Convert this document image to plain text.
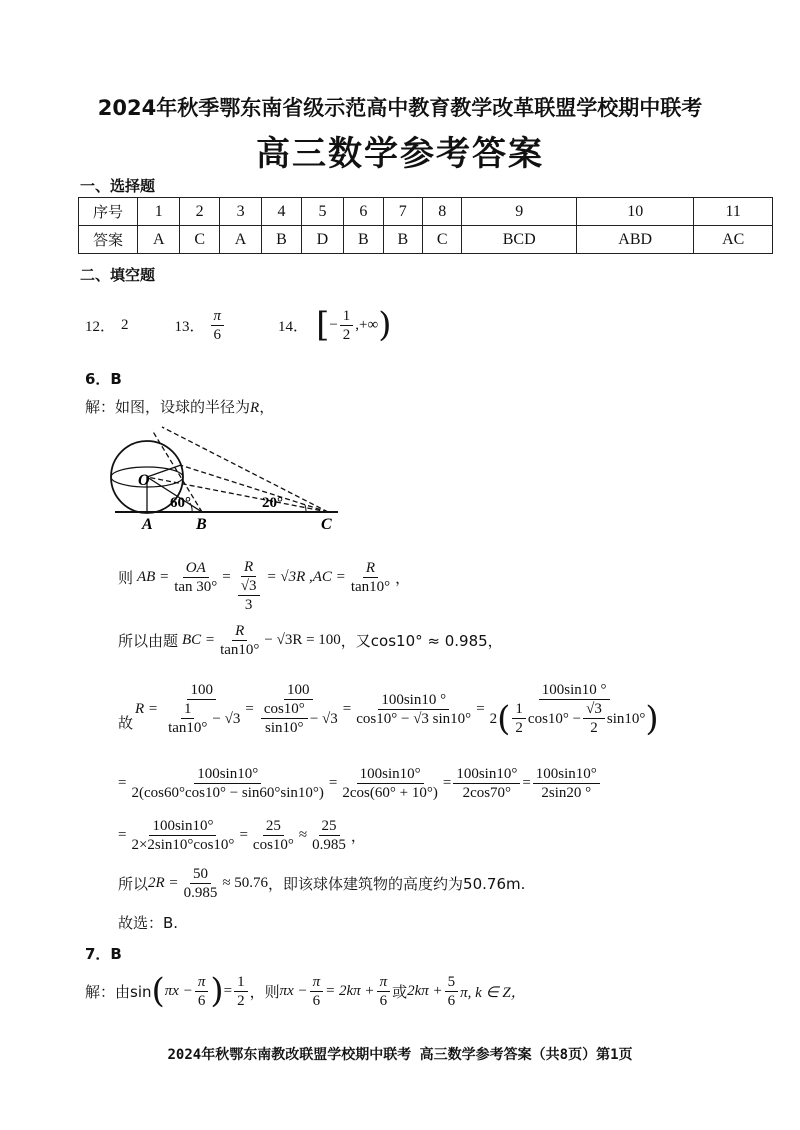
2024年秋季鄂东南省级示范高中教育教学改革联盟学校期中联考
高三数学参考答案
一、选择题
序号	1	2	3	4	5	6	7	8	9	10	11
答案	A	C	A	B	D	B	B	C	BCD	ABD	AC
二、填空题
12． 2	13． $\frac{\pi}{6}$	14． [ − $\frac{1}{2}$ ,+∞ )
6．B
解：如图，设球的半径为R，
O
60°	20°
A	B	C
则 AB = $\frac{OA}{\tan 30^\circ} = \frac{R}{\frac{√3}{3}} = √3R$ $,AC = \frac{R}{\tan 10^\circ}$ ，
所以由题 BC = $\frac{R}{\tan 10^\circ} - √3R = 100$ ，又cos10° ≈ 0.985，
故
$R = \frac{100}{\frac{1}{\tan 10^\circ} - √3} = \frac{100}{\frac{\cos 10^\circ}{\sin 10^\circ} - √3} = \frac{100\sin 10 ^\circ}{\cos 10^\circ - √3 \sin 10^\circ} = \frac{100\sin 10 ^\circ}{2 ( \frac{1}{2} \cos 10^\circ - \frac{√3}{2} \sin 10^\circ )}$
= $\frac{100\sin 10^\circ}{2(\cos 60^\circ\cos 10^\circ - \sin 60^\circ\sin 10^\circ)} = \frac{100\sin 10^\circ}{2\cos(60^\circ + 10^\circ)} = \frac{100\sin 10^\circ}{2\cos 70^\circ} = \frac{100\sin 10^\circ}{2\sin 20 ^\circ}$
= $\frac{100\sin 10^\circ}{2\times 2\sin 10^\circ\cos 10^\circ} = \frac{25}{\cos 10^\circ} \approx \frac{25}{0.985}$ ，
所以 $2R = \frac{50}{0.985} \approx 50.76$ ，即该球体建筑物的高度约为50.76m.
故选：B.
7．B
解：由sin ( $\pi x - \frac{\pi}{6}$ ) = $\frac{1}{2}$ ，则 $\pi x - \frac{\pi}{6} = 2k\pi + \frac{\pi}{6}$ 或 $2k\pi + \frac{5}{6} \pi$, k ∈ Z，
2024年秋鄂东南教改联盟学校期中联考 高三数学参考答案（共8页）第1页
